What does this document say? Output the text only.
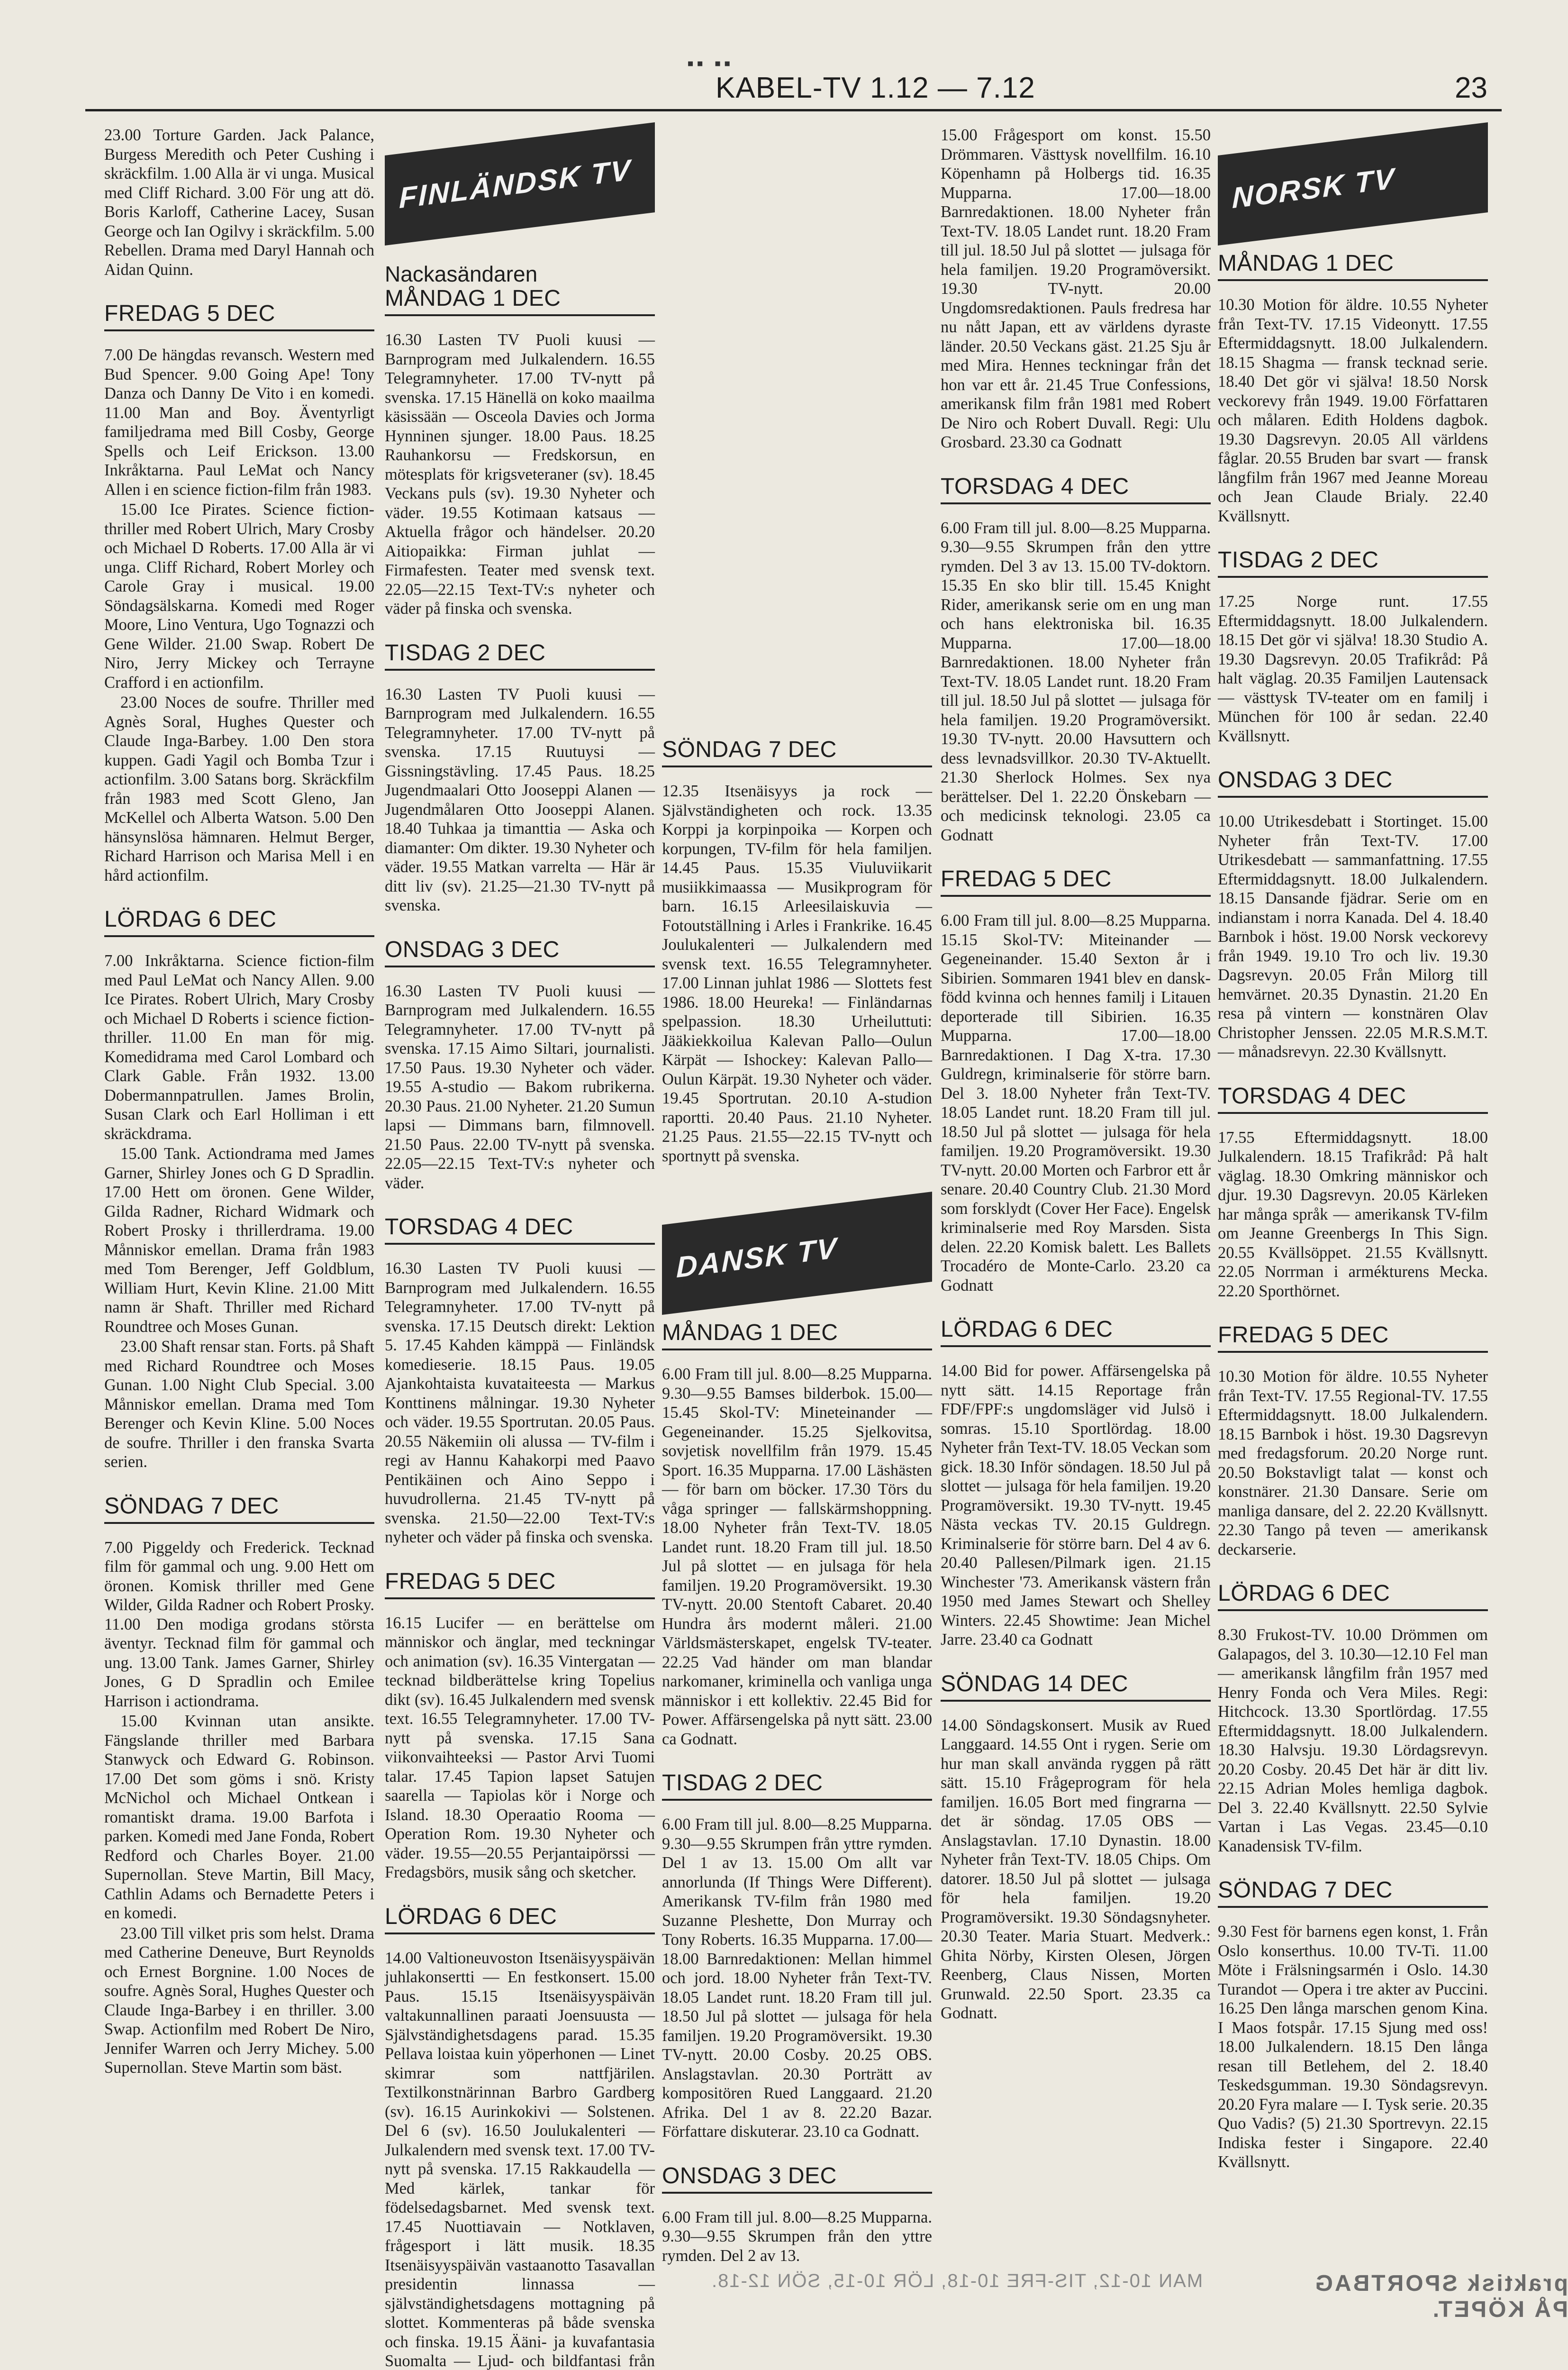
▪▪ ▪▪
KABEL-TV 1.12 — 7.12	23

23.00 Torture Garden. Jack Palance, Burgess Meredith och Peter Cushing i skräckfilm. 1.00 Alla är vi unga. Musical med Cliff Richard. 3.00 För ung att dö. Boris Karloff, Catherine Lacey, Susan George och Ian Ogilvy i skräckfilm. 5.00 Rebellen. Drama med Daryl Hannah och Aidan Quinn.

FREDAG 5 DEC

7.00 De hängdas revansch. Western med Bud Spencer. 9.00 Going Ape! Tony Danza och Danny De Vito i en komedi. 11.00 Man and Boy. Äventyrligt familjedrama med Bill Cosby, George Spells och Leif Erickson. 13.00 Inkråktarna. Paul LeMat och Nancy Allen i en science fiction-film från 1983.

15.00 Ice Pirates. Science fiction-thriller med Robert Ulrich, Mary Crosby och Michael D Roberts. 17.00 Alla är vi unga. Cliff Richard, Robert Morley och Carole Gray i musical. 19.00 Söndagsälskarna. Komedi med Roger Moore, Lino Ventura, Ugo Tognazzi och Gene Wilder. 21.00 Swap. Robert De Niro, Jerry Mickey och Terrayne Crafford i en actionfilm.

23.00 Noces de soufre. Thriller med Agnès Soral, Hughes Quester och Claude Inga-Barbey. 1.00 Den stora kuppen. Gadi Yagil och Bomba Tzur i actionfilm. 3.00 Satans borg. Skräckfilm från 1983 med Scott Gleno, Jan McKellel och Alberta Watson. 5.00 Den hänsynslösa hämnaren. Helmut Berger, Richard Harrison och Marisa Mell i en hård actionfilm.

LÖRDAG 6 DEC

7.00 Inkråktarna. Science fiction-film med Paul LeMat och Nancy Allen. 9.00 Ice Pirates. Robert Ulrich, Mary Crosby och Michael D Roberts i science fiction-thriller. 11.00 En man för mig. Komedidrama med Carol Lombard och Clark Gable. Från 1932. 13.00 Dobermannpatrullen. James Brolin, Susan Clark och Earl Holliman i ett skräckdrama.

15.00 Tank. Actiondrama med James Garner, Shirley Jones och G D Spradlin. 17.00 Hett om öronen. Gene Wilder, Gilda Radner, Richard Widmark och Robert Prosky i thrillerdrama. 19.00 Månniskor emellan. Drama från 1983 med Tom Berenger, Jeff Goldblum, William Hurt, Kevin Kline. 21.00 Mitt namn är Shaft. Thriller med Richard Roundtree och Moses Gunan.

23.00 Shaft rensar stan. Forts. på Shaft med Richard Roundtree och Moses Gunan. 1.00 Night Club Special. 3.00 Månniskor emellan. Drama med Tom Berenger och Kevin Kline. 5.00 Noces de soufre. Thriller i den franska Svarta serien.

SÖNDAG 7 DEC

7.00 Piggeldy och Frederick. Tecknad film för gammal och ung. 9.00 Hett om öronen. Komisk thriller med Gene Wilder, Gilda Radner och Robert Prosky. 11.00 Den modiga grodans största äventyr. Tecknad film för gammal och ung. 13.00 Tank. James Garner, Shirley Jones, G D Spradlin och Emilee Harrison i actiondrama.

15.00 Kvinnan utan ansikte. Fängslande thriller med Barbara Stanwyck och Edward G. Robinson. 17.00 Det som göms i snö. Kristy McNichol och Michael Ontkean i romantiskt drama. 19.00 Barfota i parken. Komedi med Jane Fonda, Robert Redford och Charles Boyer. 21.00 Supernollan. Steve Martin, Bill Macy, Cathlin Adams och Bernadette Peters i en komedi.

23.00 Till vilket pris som helst. Drama med Catherine Deneuve, Burt Reynolds och Ernest Borgnine. 1.00 Noces de soufre. Agnès Soral, Hughes Quester och Claude Inga-Barbey i en thriller. 3.00 Swap. Actionfilm med Robert De Niro, Jennifer Warren och Jerry Michey. 5.00 Supernollan. Steve Martin som bäst.

FINLÄNDSK TV
Nackasändaren
MÅNDAG 1 DEC

16.30 Lasten TV Puoli kuusi — Barnprogram med Julkalendern. 16.55 Telegramnyheter. 17.00 TV-nytt på svenska. 17.15 Hänellä on koko maailma käsissään — Osceola Davies och Jorma Hynninen sjunger. 18.00 Paus. 18.25 Rauhankorsu — Fredskorsun, en mötesplats för krigsveteraner (sv). 18.45 Veckans puls (sv). 19.30 Nyheter och väder. 19.55 Kotimaan katsaus — Aktuella frågor och händelser. 20.20 Aitiopaikka: Firman juhlat — Firmafesten. Teater med svensk text. 22.05—22.15 Text-TV:s nyheter och väder på finska och svenska.

TISDAG 2 DEC

16.30 Lasten TV Puoli kuusi — Barnprogram med Julkalendern. 16.55 Telegramnyheter. 17.00 TV-nytt på svenska. 17.15 Ruutuysi — Gissningstävling. 17.45 Paus. 18.25 Jugendmaalari Otto Jooseppi Alanen — Jugendmålaren Otto Jooseppi Alanen. 18.40 Tuhkaa ja timanttia — Aska och diamanter: Om dikter. 19.30 Nyheter och väder. 19.55 Matkan varrelta — Här är ditt liv (sv). 21.25—21.30 TV-nytt på svenska.

ONSDAG 3 DEC

16.30 Lasten TV Puoli kuusi — Barnprogram med Julkalendern. 16.55 Telegramnyheter. 17.00 TV-nytt på svenska. 17.15 Aimo Siltari, journalisti. 17.50 Paus. 19.30 Nyheter och väder. 19.55 A-studio — Bakom rubrikerna. 20.30 Paus. 21.00 Nyheter. 21.20 Sumun lapsi — Dimmans barn, filmnovell. 21.50 Paus. 22.00 TV-nytt på svenska. 22.05—22.15 Text-TV:s nyheter och väder.

TORSDAG 4 DEC

16.30 Lasten TV Puoli kuusi — Barnprogram med Julkalendern. 16.55 Telegramnyheter. 17.00 TV-nytt på svenska. 17.15 Deutsch direkt: Lektion 5. 17.45 Kahden kämppä — Finländsk komedieserie. 18.15 Paus. 19.05 Ajankohtaista kuvataiteesta — Markus Konttinens målningar. 19.30 Nyheter och väder. 19.55 Sportrutan. 20.05 Paus. 20.55 Näkemiin oli alussa — TV-film i regi av Hannu Kahakorpi med Paavo Pentikäinen och Aino Seppo i huvudrollerna. 21.45 TV-nytt på svenska. 21.50—22.00 Text-TV:s nyheter och väder på finska och svenska.

FREDAG 5 DEC

16.15 Lucifer — en berättelse om människor och änglar, med teckningar och animation (sv). 16.35 Vintergatan — tecknad bildberättelse kring Topelius dikt (sv). 16.45 Julkalendern med svensk text. 16.55 Telegramnyheter. 17.00 TV-nytt på svenska. 17.15 Sana viikonvaihteeksi — Pastor Arvi Tuomi talar. 17.45 Tapion lapset Satujen saarella — Tapiolas kör i Norge och Island. 18.30 Operaatio Rooma — Operation Rom. 19.30 Nyheter och väder. 19.55—20.55 Perjantaipörssi — Fredagsbörs, musik sång och sketcher.

LÖRDAG 6 DEC

14.00 Valtioneuvoston Itsenäisyyspäivän juhlakonsertti — En festkonsert. 15.00 Paus. 15.15 Itsenäisyyspäivän valtakunnallinen paraati Joensuusta — Självständighetsdagens parad. 15.35 Pellava loistaa kuin yöperhonen — Linet skimrar som nattfjärilen. Textilkonstnärinnan Barbro Gardberg (sv). 16.15 Aurinkokivi — Solstenen. Del 6 (sv). 16.50 Joulukalenteri — Julkalendern med svensk text. 17.00 TV-nytt på svenska. 17.15 Rakkaudella — Med kärlek, tankar för födelsedagsbarnet. Med svensk text. 17.45 Nuottiavain — Notklaven, frågesport i lätt musik. 18.35 Itsenäisyyspäivän vastaanotto Tasavallan presidentin linnassa — självständighetsdagens mottagning på slottet. Kommenteras på både svenska och finska. 19.15 Ääni- ja kuvafantasia Suomalta — Ljud- och bildfantasi från

SÖNDAG 7 DEC

12.35 Itsenäisyys ja rock — Självständigheten och rock. 13.35 Korppi ja korpinpoika — Korpen och korpungen, TV-film för hela familjen. 14.45 Paus. 15.35 Viuluviikarit musiikkimaassa — Musikprogram för barn. 16.15 Arleesilaiskuvia — Fotoutställning i Arles i Frankrike. 16.45 Joulukalenteri — Julkalendern med svensk text. 16.55 Telegramnyheter. 17.00 Linnan juhlat 1986 — Slottets fest 1986. 18.00 Heureka! — Finländarnas spelpassion. 18.30 Urheiluttuti: Jääkiekkoilua Kalevan Pallo—Oulun Kärpät — Ishockey: Kalevan Pallo—Oulun Kärpät. 19.30 Nyheter och väder. 19.45 Sportrutan. 20.10 A-studion raportti. 20.40 Paus. 21.10 Nyheter. 21.25 Paus. 21.55—22.15 TV-nytt och sportnytt på svenska.

DANSK TV
MÅNDAG 1 DEC

6.00 Fram till jul. 8.00—8.25 Mupparna. 9.30—9.55 Bamses bilderbok. 15.00—15.45 Skol-TV: Mineteinander — Gegeneinander. 15.25 Sjelkovitsa, sovjetisk novellfilm från 1979. 15.45 Sport. 16.35 Mupparna. 17.00 Läshästen — för barn om böcker. 17.30 Törs du våga springer — fallskärmshoppning. 18.00 Nyheter från Text-TV. 18.05 Landet runt. 18.20 Fram till jul. 18.50 Jul på slottet — en julsaga för hela familjen. 19.20 Programöversikt. 19.30 TV-nytt. 20.00 Stentoft Cabaret. 20.40 Hundra års modernt måleri. 21.00 Världsmästerskapet, engelsk TV-teater. 22.25 Vad händer om man blandar narkomaner, kriminella och vanliga unga människor i ett kollektiv. 22.45 Bid for Power. Affärsengelska på nytt sätt. 23.00 ca Godnatt.

TISDAG 2 DEC

6.00 Fram till jul. 8.00—8.25 Mupparna. 9.30—9.55 Skrumpen från yttre rymden. Del 1 av 13. 15.00 Om allt var annorlunda (If Things Were Different). Amerikansk TV-film från 1980 med Suzanne Pleshette, Don Murray och Tony Roberts. 16.35 Mupparna. 17.00—18.00 Barnredaktionen: Mellan himmel och jord. 18.00 Nyheter från Text-TV. 18.05 Landet runt. 18.20 Fram till jul. 18.50 Jul på slottet — julsaga för hela familjen. 19.20 Programöversikt. 19.30 TV-nytt. 20.00 Cosby. 20.25 OBS. Anslagstavlan. 20.30 Porträtt av kompositören Rued Langgaard. 21.20 Afrika. Del 1 av 8. 22.20 Bazar. Författare diskuterar. 23.10 ca Godnatt.

ONSDAG 3 DEC

6.00 Fram till jul. 8.00—8.25 Mupparna. 9.30—9.55 Skrumpen från den yttre rymden. Del 2 av 13.

15.00 Frågesport om konst. 15.50 Drömmaren. Västtysk novellfilm. 16.10 Köpenhamn på Holbergs tid. 16.35 Mupparna. 17.00—18.00 Barnredaktionen. 18.00 Nyheter från Text-TV. 18.05 Landet runt. 18.20 Fram till jul. 18.50 Jul på slottet — julsaga för hela familjen. 19.20 Programöversikt. 19.30 TV-nytt. 20.00 Ungdomsredaktionen. Pauls fredresa har nu nått Japan, ett av världens dyraste länder. 20.50 Veckans gäst. 21.25 Sju år med Mira. Hennes teckningar från det hon var ett år. 21.45 True Confessions, amerikansk film från 1981 med Robert De Niro och Robert Duvall. Regi: Ulu Grosbard. 23.30 ca Godnatt

TORSDAG 4 DEC

6.00 Fram till jul. 8.00—8.25 Mupparna. 9.30—9.55 Skrumpen från den yttre rymden. Del 3 av 13. 15.00 TV-doktorn. 15.35 En sko blir till. 15.45 Knight Rider, amerikansk serie om en ung man och hans elektroniska bil. 16.35 Mupparna. 17.00—18.00 Barnredaktionen. 18.00 Nyheter från Text-TV. 18.05 Landet runt. 18.20 Fram till jul. 18.50 Jul på slottet — julsaga för hela familjen. 19.20 Programöversikt. 19.30 TV-nytt. 20.00 Havsuttern och dess levnadsvillkor. 20.30 TV-Aktuellt. 21.30 Sherlock Holmes. Sex nya berättelser. Del 1. 22.20 Önskebarn — och medicinsk teknologi. 23.05 ca Godnatt

FREDAG 5 DEC

6.00 Fram till jul. 8.00—8.25 Mupparna. 15.15 Skol-TV: Miteinander — Gegeneinander. 15.40 Sexton år i Sibirien. Sommaren 1941 blev en dansk-född kvinna och hennes familj i Litauen deporterade till Sibirien. 16.35 Mupparna. 17.00—18.00 Barnredaktionen. I Dag X-tra. 17.30 Guldregn, kriminalserie för större barn. Del 3. 18.00 Nyheter från Text-TV. 18.05 Landet runt. 18.20 Fram till jul. 18.50 Jul på slottet — julsaga för hela familjen. 19.20 Programöversikt. 19.30 TV-nytt. 20.00 Morten och Farbror ett år senare. 20.40 Country Club. 21.30 Mord som forsklydt (Cover Her Face). Engelsk kriminalserie med Roy Marsden. Sista delen. 22.20 Komisk balett. Les Ballets Trocadéro de Monte-Carlo. 23.20 ca Godnatt

LÖRDAG 6 DEC

14.00 Bid for power. Affärsengelska på nytt sätt. 14.15 Reportage från FDF/FPF:s ungdomsläger vid Julsö i somras. 15.10 Sportlördag. 18.00 Nyheter från Text-TV. 18.05 Veckan som gick. 18.30 Inför söndagen. 18.50 Jul på slottet — julsaga för hela familjen. 19.20 Programöversikt. 19.30 TV-nytt. 19.45 Nästa veckas TV. 20.15 Guldregn. Kriminalserie för större barn. Del 4 av 6. 20.40 Pallesen/Pilmark igen. 21.15 Winchester '73. Amerikansk västern från 1950 med James Stewart och Shelley Winters. 22.45 Showtime: Jean Michel Jarre. 23.40 ca Godnatt

SÖNDAG 14 DEC

14.00 Söndagskonsert. Musik av Rued Langgaard. 14.55 Ont i rygen. Serie om hur man skall använda ryggen på rätt sätt. 15.10 Frågeprogram för hela familjen. 16.05 Bort med fingrarna — det är söndag. 17.05 OBS — Anslagstavlan. 17.10 Dynastin. 18.00 Nyheter från Text-TV. 18.05 Chips. Om datorer. 18.50 Jul på slottet — julsaga för hela familjen. 19.20 Programöversikt. 19.30 Söndagsnyheter. 20.30 Teater. Maria Stuart. Medverk.: Ghita Nörby, Kirsten Olesen, Jörgen Reenberg, Claus Nissen, Morten Grunwald. 22.50 Sport. 23.35 ca Godnatt.

NORSK TV
MÅNDAG 1 DEC

10.30 Motion för äldre. 10.55 Nyheter från Text-TV. 17.15 Videonytt. 17.55 Eftermiddagsnytt. 18.00 Julkalendern. 18.15 Shagma — fransk tecknad serie. 18.40 Det gör vi själva! 18.50 Norsk veckorevy från 1949. 19.00 Författaren och målaren. Edith Holdens dagbok. 19.30 Dagsrevyn. 20.05 All världens fåglar. 20.55 Bruden bar svart — fransk långfilm från 1967 med Jeanne Moreau och Jean Claude Brialy. 22.40 Kvällsnytt.

TISDAG 2 DEC

17.25 Norge runt. 17.55 Eftermiddagsnytt. 18.00 Julkalendern. 18.15 Det gör vi själva! 18.30 Studio A. 19.30 Dagsrevyn. 20.05 Trafikråd: På halt väglag. 20.35 Familjen Lautensack — västtysk TV-teater om en familj i München för 100 år sedan. 22.40 Kvällsnytt.

ONSDAG 3 DEC

10.00 Utrikesdebatt i Stortinget. 15.00 Nyheter från Text-TV. 17.00 Utrikesdebatt — sammanfattning. 17.55 Eftermiddagsnytt. 18.00 Julkalendern. 18.15 Dansande fjädrar. Serie om en indianstam i norra Kanada. Del 4. 18.40 Barnbok i höst. 19.00 Norsk veckorevy från 1949. 19.10 Tro och liv. 19.30 Dagsrevyn. 20.05 Från Milorg till hemvärnet. 20.35 Dynastin. 21.20 En resa på vintern — konstnären Olav Christopher Jenssen. 22.05 M.R.S.M.T. — månadsrevyn. 22.30 Kvällsnytt.

TORSDAG 4 DEC

17.55 Eftermiddagsnytt. 18.00 Julkalendern. 18.15 Trafikråd: På halt väglag. 18.30 Omkring människor och djur. 19.30 Dagsrevyn. 20.05 Kärleken har många språk — amerikansk TV-film om Jeanne Greenbergs In This Sign. 20.55 Kvällsöppet. 21.55 Kvällsnytt. 22.05 Norrman i armékturens Mecka. 22.20 Sporthörnet.

FREDAG 5 DEC

10.30 Motion för äldre. 10.55 Nyheter från Text-TV. 17.55 Regional-TV. 17.55 Eftermiddagsnytt. 18.00 Julkalendern. 18.15 Barnbok i höst. 19.30 Dagsrevyn med fredagsforum. 20.20 Norge runt. 20.50 Bokstavligt talat — konst och konstnärer. 21.30 Dansare. Serie om manliga dansare, del 2. 22.20 Kvällsnytt. 22.30 Tango på teven — amerikansk deckarserie.

LÖRDAG 6 DEC

8.30 Frukost-TV. 10.00 Drömmen om Galapagos, del 3. 10.30—12.10 Fel man — amerikansk långfilm från 1957 med Henry Fonda och Vera Miles. Regi: Hitchcock. 13.30 Sportlördag. 17.55 Eftermiddagsnytt. 18.00 Julkalendern. 18.30 Halvsju. 19.30 Lördagsrevyn. 20.20 Cosby. 20.45 Det här är ditt liv. 22.15 Adrian Moles hemliga dagbok. Del 3. 22.40 Kvällsnytt. 22.50 Sylvie Vartan i Las Vegas. 23.45—0.10 Kanadensisk TV-film.

SÖNDAG 7 DEC

9.30 Fest för barnens egen konst, 1. Från Oslo konserthus. 10.00 TV-Ti. 11.00 Möte i Frälsningsarmén i Oslo. 14.30 Turandot — Opera i tre akter av Puccini. 16.25 Den långa marschen genom Kina. I Maos fotspår. 17.15 Sjung med oss! 18.00 Julkalendern. 18.15 Den långa resan till Betlehem, del 2. 18.40 Teskedsgumman. 19.30 Söndagsrevyn. 20.20 Fyra malare — I. Tysk serie. 20.35 Quo Vadis? (5) 21.30 Sportrevyn. 22.15 Indiska fester i Singapore. 22.40 Kvällsnytt.

MAN 10-12, TIS-FRE 10-18, LÖR 10-15, SÖN 12-18.	praktisk SPORTBAG PÅ KÖPET.
